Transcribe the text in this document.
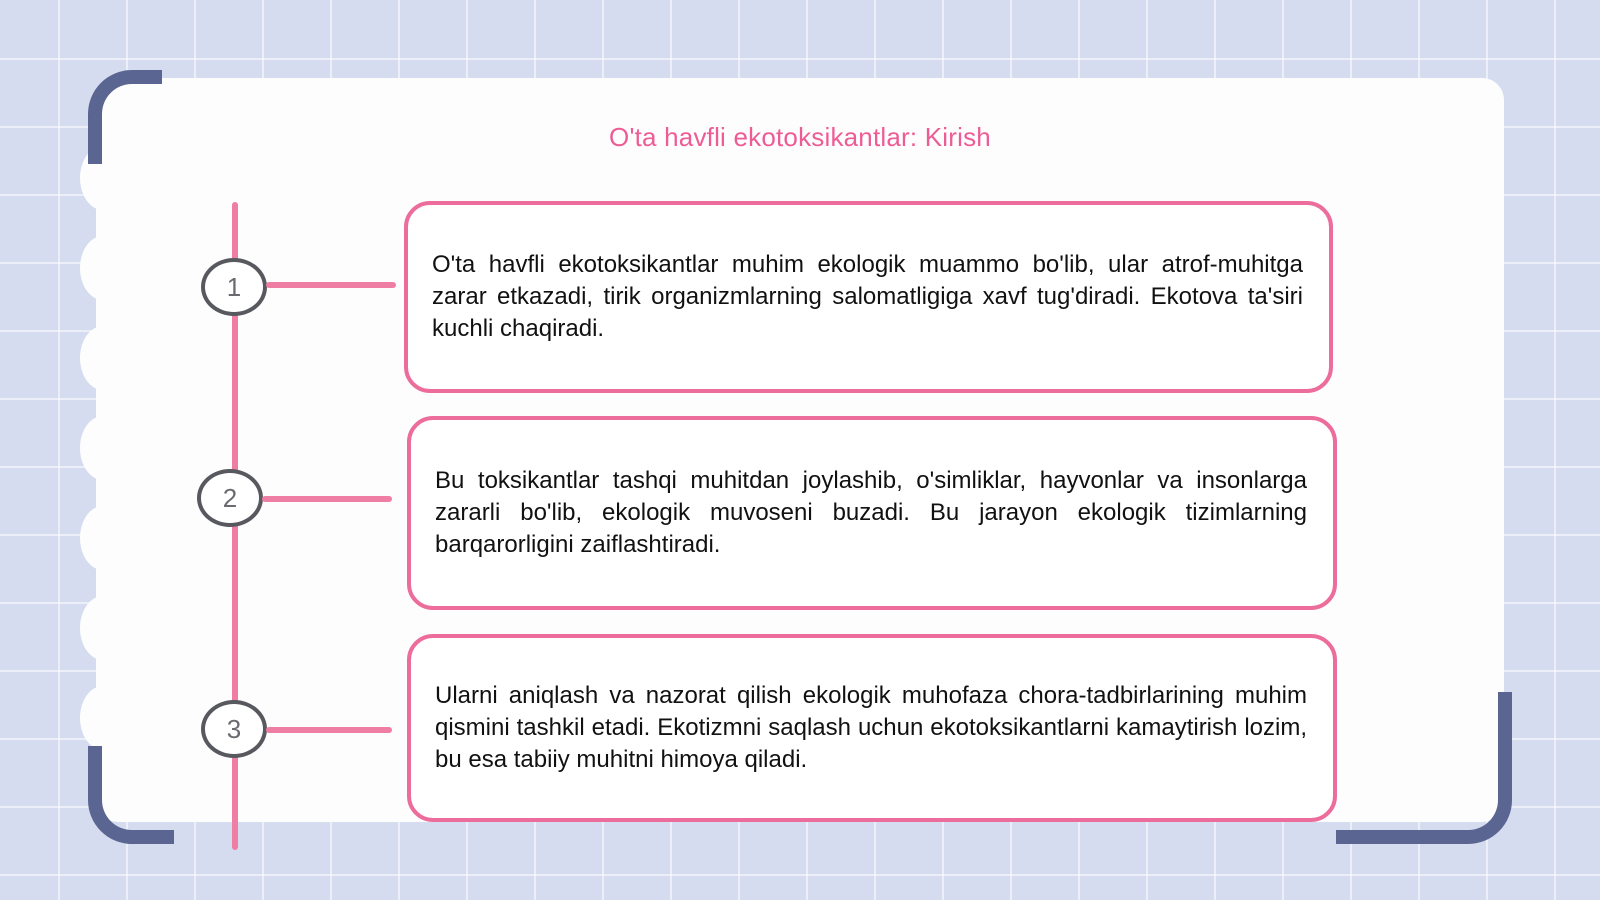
O'ta havfli ekotoksikantlar: Kirish
1
O'ta havfli ekotoksikantlar muhim ekologik muammo bo'lib, ular atrof-muhitga zarar etkazadi, tirik organizmlarning salomatligiga xavf tug'diradi. Ekotova ta'siri kuchli chaqiradi.
2
Bu toksikantlar tashqi muhitdan joylashib, o'simliklar, hayvonlar va insonlarga zararli bo'lib, ekologik muvoseni buzadi. Bu jarayon ekologik tizimlarning barqarorligini zaiflashtiradi.
3
Ularni aniqlash va nazorat qilish ekologik muhofaza chora-tadbirlarining muhim qismini tashkil etadi. Ekotizmni saqlash uchun ekotoksikantlarni kamaytirish lozim, bu esa tabiiy muhitni himoya qiladi.
